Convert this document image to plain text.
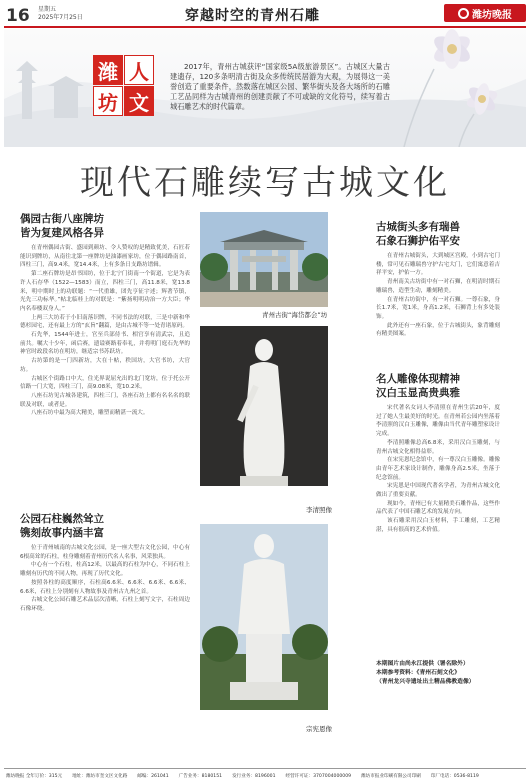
16 星期五
2025年7月25日	穿越时空的青州石雕	潍坊晚报
潍 人
坊 文
2017年，青州古城获评“国家级5A级旅游景区”。古城区大量古建遗存，120多条明清古街及众多传统民居游为大观，为展得这一美誉创造了重要条件，然数落在城区公园、繁华街头及各大场所的石雕工艺品同样为古城青州的创建贡献了不可或缺的文化符号，续写着古城石雕艺术的时代篇章。
现代石雕续写古城文化
偶园古街八座牌坊
皆为复建风格各异

在青州偶园古街、盛园到颜坊、令人赞叹的是精致优美，石匠若能识到牌坊，从南往北第一座牌坊是油漆画家坊，位于偶园路南首，四柱三门，高9.4米，宽14.4米，上有多条日支路坊谱辑。

第二座石牌坊是昂书国坊，位于北宁门街南一个街道，它是为表许人石存华（1522—1583）而立，四柱三门，高11.8米，宽13.8米，明中期时上的功联题：“一代重雄，团先亨征宇述；辉著节镇，光先三功标华。”帖北临桂上的对联是：“紫扬明明功治一方大臣；华内名奉楼双身人。”

上两三大坊若于小旧南落识牌，不同书法的对联，三是中新和华德杉园宅，还有最上方的“玄旨”翻篇，是由古城不等一处青诸原码。

石先华，1544年进士，官至兵部侍书、相官享有清武宗，且追前共。嘱大十少年，函后赛，遗谥赛路着奉礼，并将明门庭石先华的神官时政段名坊在明坊，继适宗书苏跃坊。

古坊第的是一门四新坊，大在十帖，秩国坊，大官书坊，大官坊。

古城区个街路口中大，住光界说屈允出的北门宽坊，位于托公开信路一门大宽，四柱三门，高9.08米，宽10.2米。

八座石坊见古城各建筑，四柱三门，各座石坊上都有名名名的联联及对联，或者是。

八座石坊中最为高大精美，雕塑而精湛一流大。

公园石柱巍然耸立
镌刻故事内涵丰富

位于青州城南的古城文化公园，是一座大型古文化公园，中心有6根高耸的石柱，柱身雕刻着青州历代名人名事，风采独具。

中心有一个石柱，柱高12米，以最高的石柱为中心，不同石柱上雕刻有历代的不同人物，再现了历代文化。

按照各柱的高度顺序，石柱高6.6米、6.6米、6.6米、6.6米、6.6米，石柱上分别刻有人物故事及青州古九州之首。

古城文化公园石雕艺术品层次清晰，石柱上刻写文字，石柱周边石像环绕。

青州古街“海岱都会”坊
李清照像
宗宪恩像
古城街头多有瑞兽
石象石狮护佑平安

在青州古城街头，大到城区宫殿，小到古宅门楼，常可见石雕瑞兽守护古宅大门，它们寓意着吉祥平安，护佑一方。

青州南关古坊街中有一对石狮，在明清时期石雕瑞兽，造型生动，雕刻精美。

在青州古坊街中，有一对石狮。一尊石象，身长1.7米，宽1米，身高1.2米，石狮背上有多处装饰。

此外还有一座石象，位于古城街头，象背雕刻有精美图案。

名人雕像体现精神
汉白玉显高贵典雅

宋代著名女词人李清照在青州生活20年，度过了她人生最美好的时光。在青州若公园内坐落着李清照的汉白玉雕像，雕像由当代青年雕塑家设计完成。

李清照雕像总高6.8米，采用汉白玉雕刻，与青州古城文化相得益彰。

在宋宪恩纪念馆中，有一尊汉白玉雕像。雕像由青年艺术家设计制作，雕像身高2.5米，坐落于纪念馆前。

宋宪恩是中国现代著名学者，为青州古城文化做出了重要贡献。

现如今，青州已有大量精美石雕作品，这些作品代表了中国石雕艺术的发展方向。

该石雕采用汉白玉材料，手工雕刻，工艺精湛，具有很高的艺术价值。

本期图片由尚永江提供（署名除外）
本期参考资料：《青州石刻文化》
（青州龙兴寺遗址出土精品佛教造像）
潍坊晚报 全年订价：315元 地址：潍坊市奎文区文化路 邮编：261041 广告业务：8180151 发行业务：8196001 经营许可证：3707004000009 潍坊市报业印刷有限公司印刷 印厂电话：0536-8119
